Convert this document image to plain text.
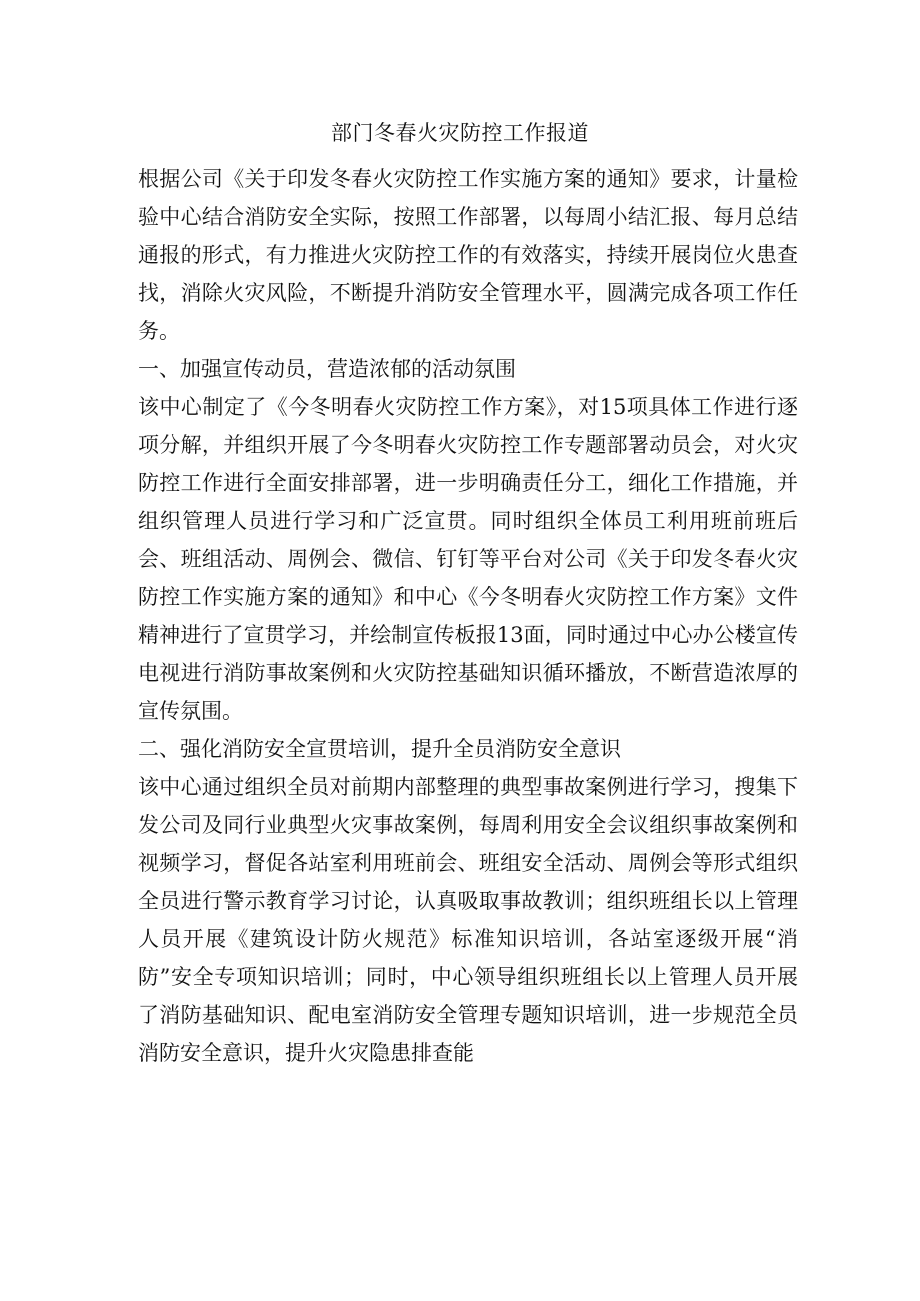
部门冬春火灾防控工作报道

根据公司《关于印发冬春火灾防控工作实施方案的通知》要求，计量检验中心结合消防安全实际，按照工作部署，以每周小结汇报、每月总结通报的形式，有力推进火灾防控工作的有效落实，持续开展岗位火患查找，消除火灾风险，不断提升消防安全管理水平，圆满完成各项工作任务。

一、加强宣传动员，营造浓郁的活动氛围

该中心制定了《今冬明春火灾防控工作方案》，对15项具体工作进行逐项分解，并组织开展了今冬明春火灾防控工作专题部署动员会，对火灾防控工作进行全面安排部署，进一步明确责任分工，细化工作措施，并组织管理人员进行学习和广泛宣贯。同时组织全体员工利用班前班后会、班组活动、周例会、微信、钉钉等平台对公司《关于印发冬春火灾防控工作实施方案的通知》和中心《今冬明春火灾防控工作方案》文件精神进行了宣贯学习，并绘制宣传板报13面，同时通过中心办公楼宣传电视进行消防事故案例和火灾防控基础知识循环播放，不断营造浓厚的宣传氛围。

二、强化消防安全宣贯培训，提升全员消防安全意识

该中心通过组织全员对前期内部整理的典型事故案例进行学习，搜集下发公司及同行业典型火灾事故案例，每周利用安全会议组织事故案例和视频学习，督促各站室利用班前会、班组安全活动、周例会等形式组织全员进行警示教育学习讨论，认真吸取事故教训；组织班组长以上管理人员开展《建筑设计防火规范》标准知识培训，各站室逐级开展“消防”安全专项知识培训；同时，中心领导组织班组长以上管理人员开展了消防基础知识、配电室消防安全管理专题知识培训，进一步规范全员消防安全意识，提升火灾隐患排查能
